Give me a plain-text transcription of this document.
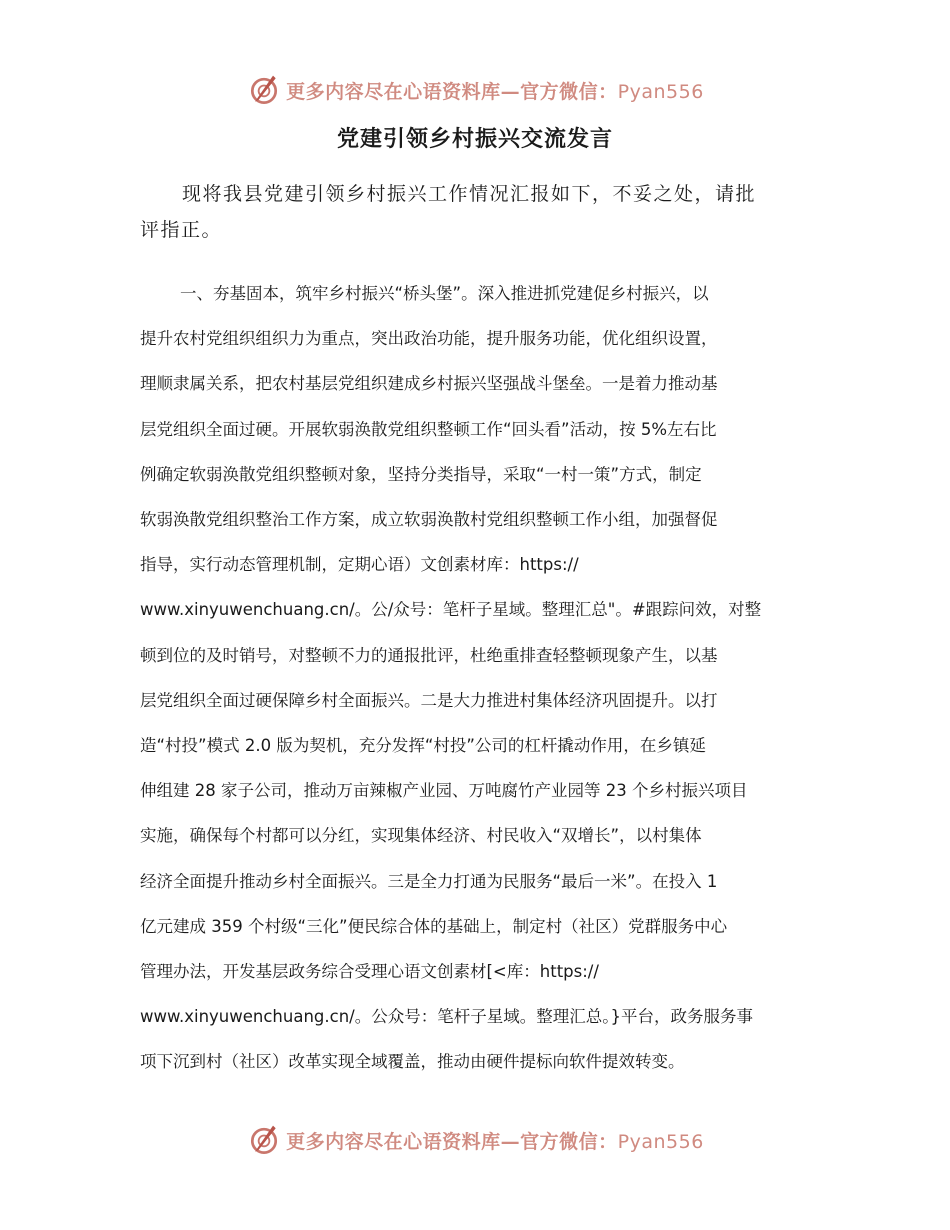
更多内容尽在心语资料库—官方微信：Pyan556
党建引领乡村振兴交流发言

现将我县党建引领乡村振兴工作情况汇报如下，不妥之处，请批
评指正。

一、夯基固本，筑牢乡村振兴“桥头堡”。深入推进抓党建促乡村振兴，以
提升农村党组织组织力为重点，突出政治功能，提升服务功能，优化组织设置，
理顺隶属关系，把农村基层党组织建成乡村振兴坚强战斗堡垒。一是着力推动基
层党组织全面过硬。开展软弱涣散党组织整顿工作“回头看”活动，按 5%左右比
例确定软弱涣散党组织整顿对象，坚持分类指导，采取“一村一策”方式，制定
软弱涣散党组织整治工作方案，成立软弱涣散村党组织整顿工作小组，加强督促
指导，实行动态管理机制，定期心语）文创素材库：https://
www.xinyuwenchuang.cn/。公/众号：笔杆子星域。整理汇总"。#跟踪问效，对整
顿到位的及时销号，对整顿不力的通报批评，杜绝重排查轻整顿现象产生，以基
层党组织全面过硬保障乡村全面振兴。二是大力推进村集体经济巩固提升。以打
造“村投”模式 2.0 版为契机，充分发挥“村投”公司的杠杆撬动作用，在乡镇延
伸组建 28 家子公司，推动万亩辣椒产业园、万吨腐竹产业园等 23 个乡村振兴项目
实施，确保每个村都可以分红，实现集体经济、村民收入“双增长”，以村集体
经济全面提升推动乡村全面振兴。三是全力打通为民服务“最后一米”。在投入 1
亿元建成 359 个村级“三化”便民综合体的基础上，制定村（社区）党群服务中心
管理办法，开发基层政务综合受理心语文创素材[<库：https://
www.xinyuwenchuang.cn/。公众号：笔杆子星域。整理汇总。}平台，政务服务事
项下沉到村（社区）改革实现全域覆盖，推动由硬件提标向软件提效转变。

更多内容尽在心语资料库—官方微信：Pyan556
